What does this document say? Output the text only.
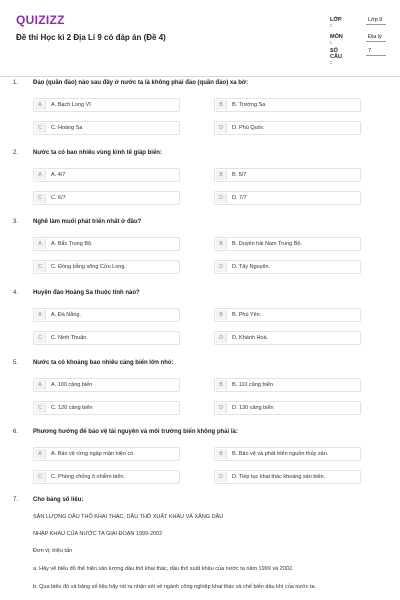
QUIZIZZ
Đề thi Học kì 2 Địa Lí 9 có đáp án (Đề 4)
LỚP :
Lớp 9
MÔN :
Địa lý
SỐ CÂU :
7
1. Đảo (quần đảo) nào sau đây ở nước ta là không phải đảo (quần đảo) xa bờ:
A	A. Bạch Long Vĩ	B	B. Trường Sa
C	C. Hoàng Sa	D	D. Phú Quốc
2. Nước ta có bao nhiêu vùng kinh tế giáp biển:
A	A. 4/7	B	B. 5/7
C	C. 6/7	D	D. 7/7
3. Nghề làm muối phát triển nhất ở đâu?
A	A. Bắc Trung Bộ.	B	B. Duyên hải Nam Trung Bộ.
C	C. Đồng bằng sông Cửu Long.	D	D. Tây Nguyên.
4. Huyện đảo Hoàng Sa thuộc tỉnh nào?
A	A. Đà Nẵng.	B	B. Phú Yên.
C	C. Ninh Thuận.	D	D. Khánh Hoà.
5. Nước ta có khoảng bao nhiêu cảng biển lớn nhỏ:
A	A. 100 cảng biển	B	B. 110 cảng biển
C	C. 120 cảng biển	D	D. 130 cảng biển
6. Phương hướng để bảo vệ tài nguyên và môi trường biển không phải là:
A	A. Bảo vệ rừng ngập mặn hiện có.	B	B. Bảo vệ và phát triển nguồn thủy sản.
C	C. Phòng chống ô nhiễm biển.	D	D. Tiếp tục khai thác khoáng sản biển.
7. Cho bảng số liệu:
SẢN LƯỢNG DẦU THÔ KHAI THÁC, DẦU THÔ XUẤT KHẨU VÀ XĂNG DẦU
NHẬP KHẨU CỦA NƯỚC TA GIAI ĐOẠN 1999-2002
Đơn vị: triệu tấn
a. Hãy vẽ biểu đồ thể hiện sản lượng dầu thô khai thác, dầu thô xuất khẩu của nước ta năm 1999 và 2002.
b. Qua biểu đồ và bảng số liệu hãy rút ra nhận xét về ngành công nghiệp khai thác và chế biến dầu khí của nước ta.
